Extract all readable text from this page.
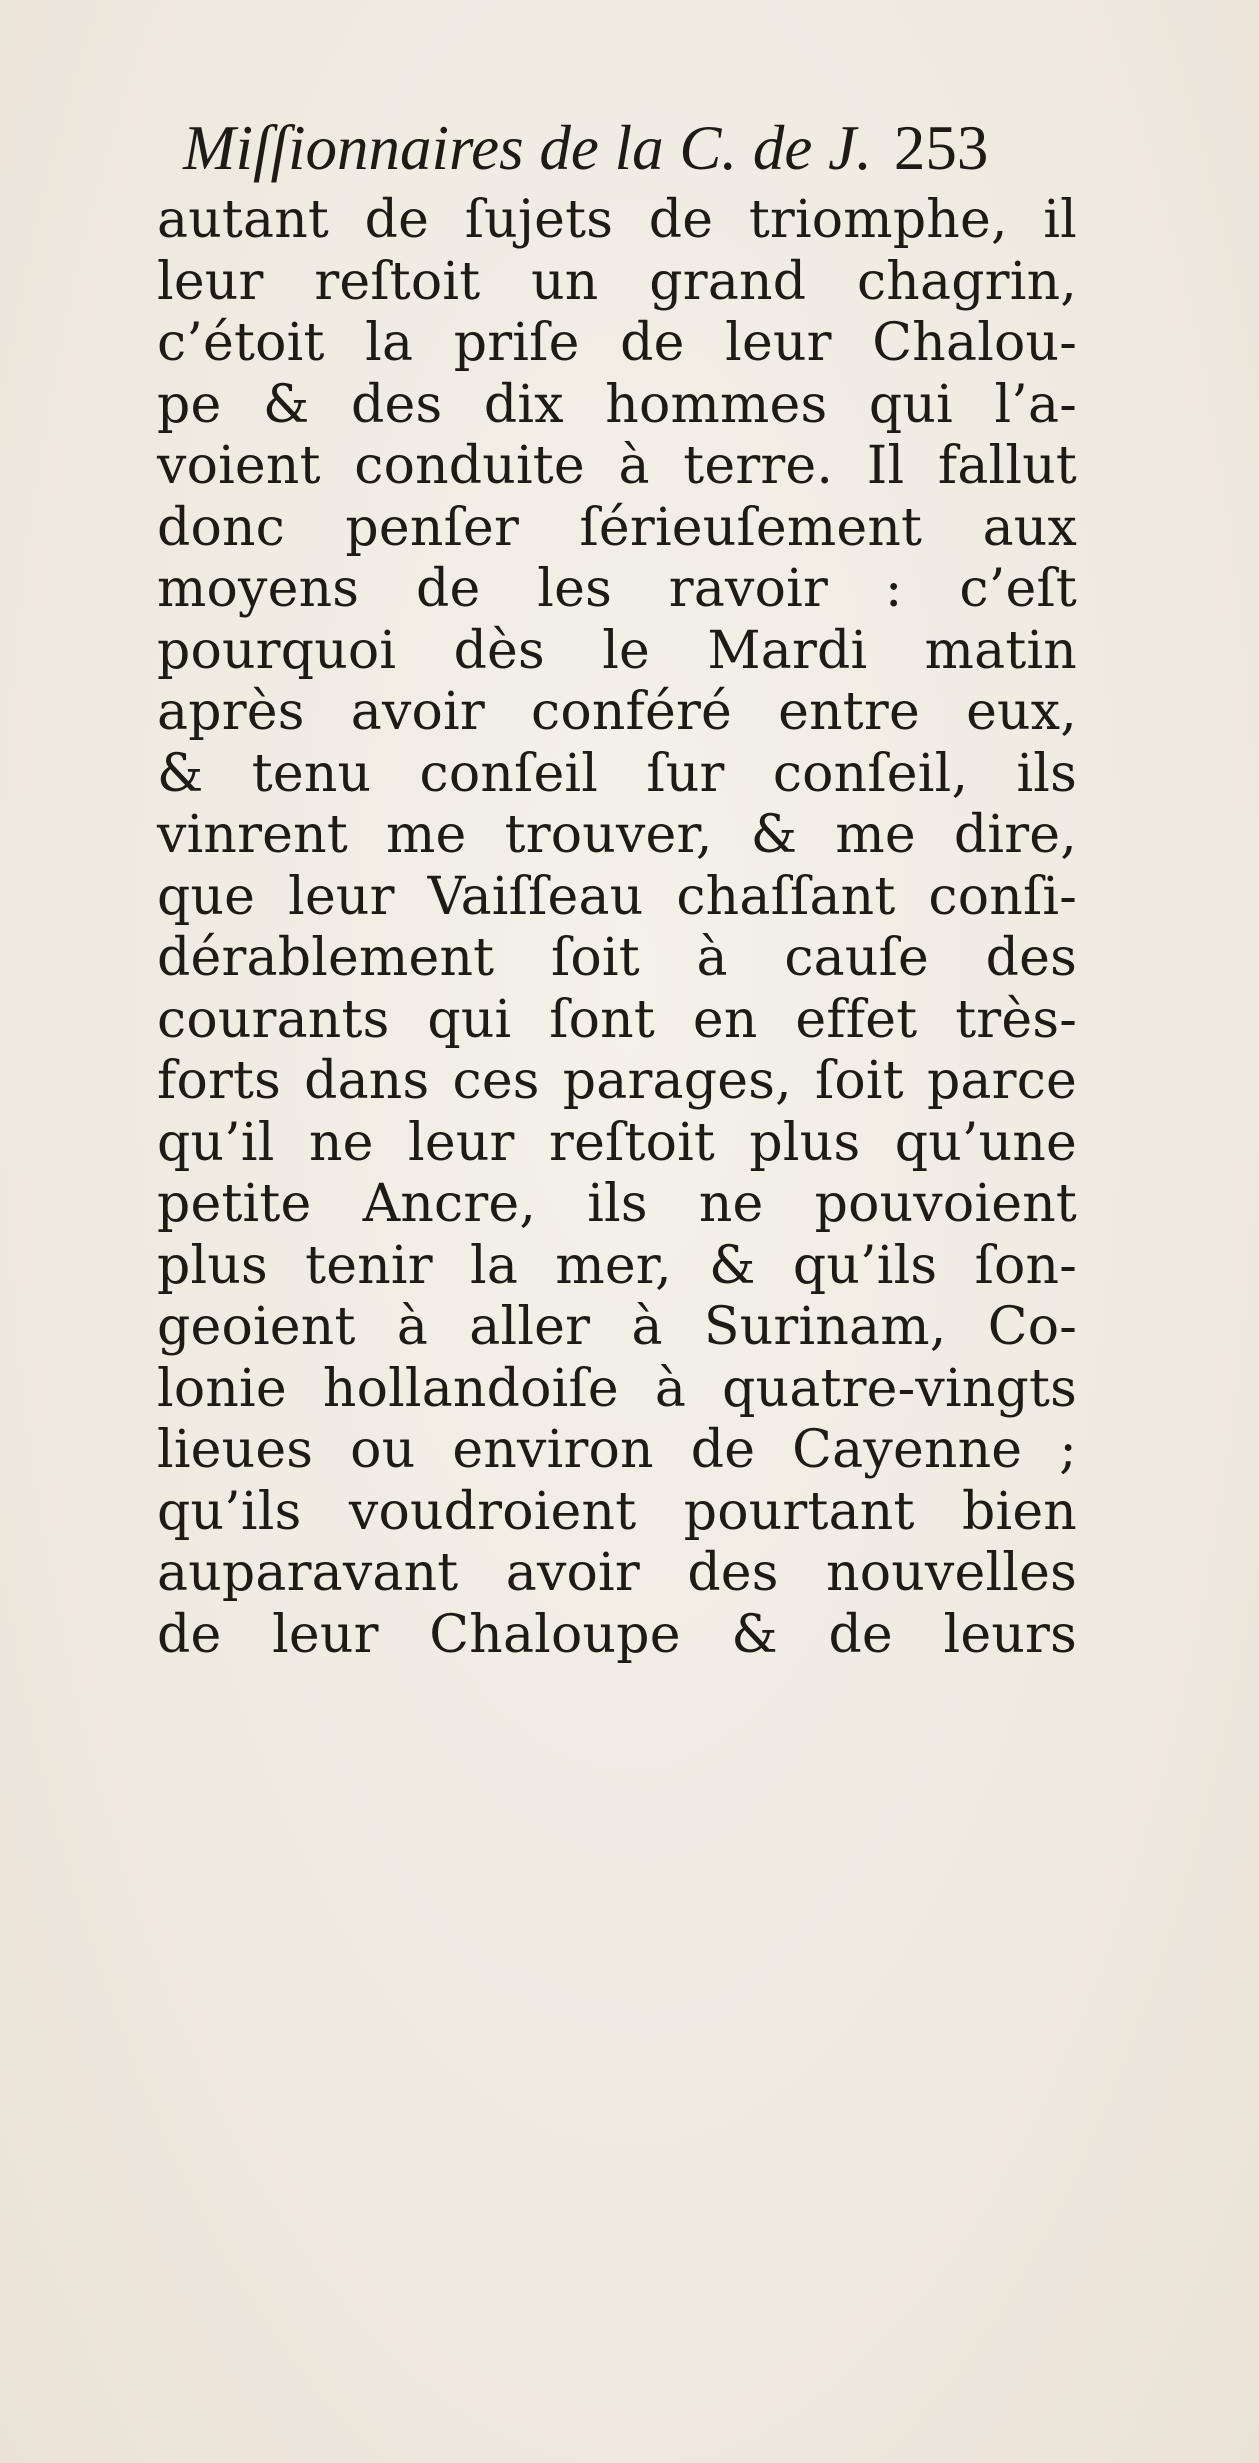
Miſſionnaires de la C. de J. 253
autant de ſujets de triomphe, il
leur reſtoit un grand chagrin,
c’étoit la priſe de leur Chalou-
pe & des dix hommes qui l’a-
voient conduite à terre. Il fallut
donc penſer ſérieuſement aux
moyens de les ravoir : c’eſt
pourquoi dès le Mardi matin
après avoir conféré entre eux,
& tenu conſeil ſur conſeil, ils
vinrent me trouver, & me dire,
que leur Vaiſſeau chaſſant conſi-
dérablement ſoit à cauſe des
courants qui ſont en effet très-
forts dans ces parages, ſoit parce
qu’il ne leur reſtoit plus qu’une
petite Ancre, ils ne pouvoient
plus tenir la mer, & qu’ils ſon-
geoient à aller à Surinam, Co-
lonie hollandoiſe à quatre-vingts
lieues ou environ de Cayenne ;
qu’ils voudroient pourtant bien
auparavant avoir des nouvelles
de leur Chaloupe & de leurs
